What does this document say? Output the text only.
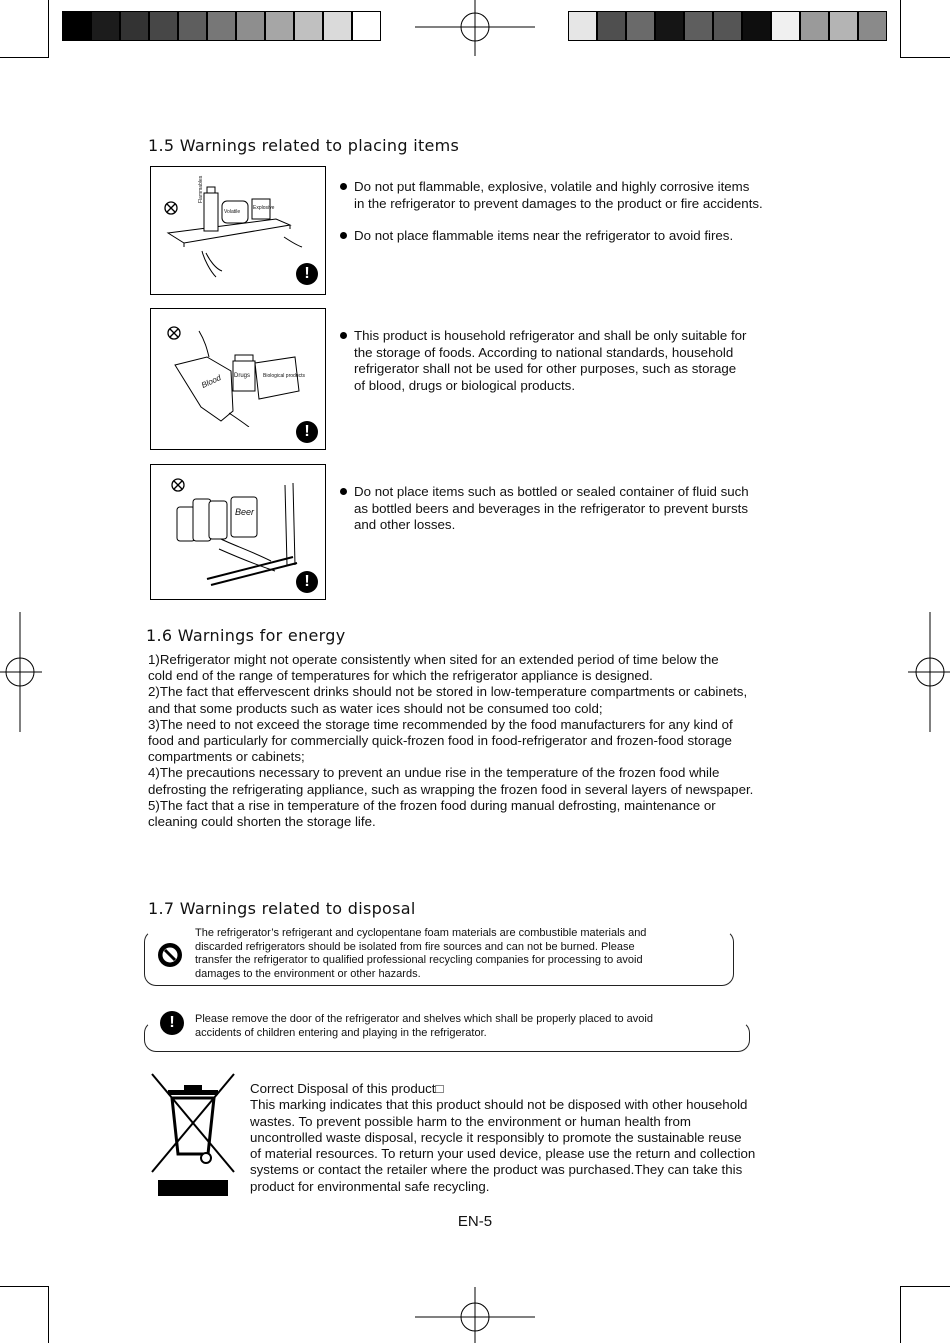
1.5 Warnings related to placing items
Flammables
Volatile
Explosive
!
Do not put flammable, explosive, volatile and highly corrosive items
in the refrigerator to prevent damages to the product or fire accidents.
Do not place flammable items near the refrigerator to avoid fires.
Blood Drugs	Biological products
!
This product is household refrigerator and shall be only suitable for
the storage of foods. According to national standards, household
refrigerator shall not be used for other purposes, such as storage
of blood, drugs or biological products.
Beer
!
Do not place items such as bottled or sealed container of fluid such
as bottled beers and beverages in the refrigerator to prevent bursts
and other losses.
1.6 Warnings for energy
1)Refrigerator might not operate consistently when sited for an extended period of time below the
cold end of the range of temperatures for which the refrigerator appliance is designed.
2)The fact that effervescent drinks should not be stored in low-temperature compartments or cabinets,
and that some products such as water ices should not be consumed too cold;
3)The need to not exceed the storage time recommended by the food manufacturers for any kind of
food and particularly for commercially quick-frozen food in food-refrigerator and frozen-food storage
compartments or cabinets;
4)The precautions necessary to prevent an undue rise in the temperature of the frozen food while
defrosting the refrigerating appliance, such as wrapping the frozen food in several layers of newspaper.
5)The fact that a rise in temperature of the frozen food during manual defrosting, maintenance or
cleaning could shorten the storage life.
1.7 Warnings related to disposal
The refrigerator’s refrigerant and cyclopentane foam materials are combustible materials and
discarded refrigerators should be isolated from fire sources and can not be burned. Please
transfer the refrigerator to qualified professional recycling companies for processing to avoid
damages to the environment or other hazards.
!	Please remove the door of the refrigerator and shelves which shall be properly placed to avoid
accidents of children entering and playing in the refrigerator.
Correct Disposal of this product□
This marking indicates that this product should not be disposed with other household
wastes. To prevent possible harm to the environment or human health from
uncontrolled waste disposal, recycle it responsibly to promote the sustainable reuse
of material resources. To return your used device, please use the return and collection
systems or contact the retailer where the product was purchased.They can take this
product for environmental safe recycling.
EN-5
